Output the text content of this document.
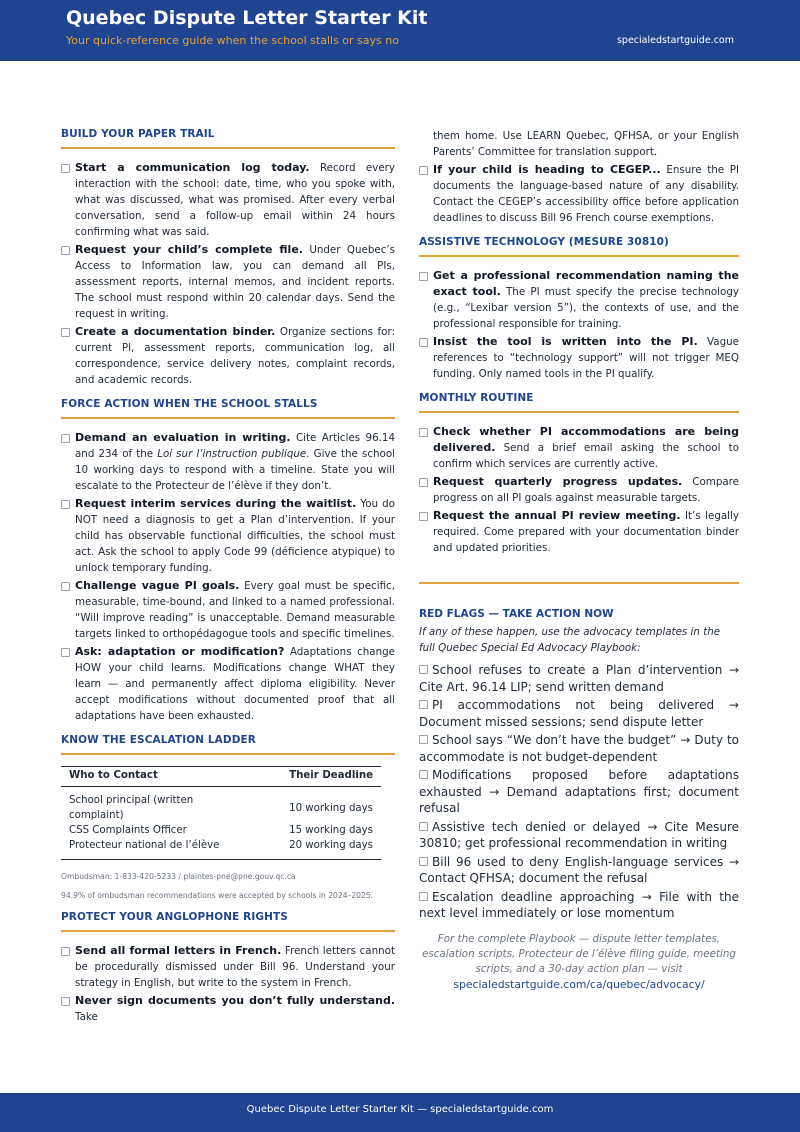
Quebec Dispute Letter Starter Kit
Your quick-reference guide when the school stalls or says no	specialedstartguide.com
BUILD YOUR PAPER TRAIL
Start a communication log today. Record every interaction with the school: date, time, who you spoke with, what was discussed, what was promised. After every verbal conversation, send a follow-up email within 24 hours confirming what was said.
Request your child’s complete file. Under Quebec’s Access to Information law, you can demand all PIs, assessment reports, internal memos, and incident reports. The school must respond within 20 calendar days. Send the request in writing.
Create a documentation binder. Organize sections for: current PI, assessment reports, communication log, all correspondence, service delivery notes, complaint records, and academic records.
FORCE ACTION WHEN THE SCHOOL STALLS
Demand an evaluation in writing. Cite Articles 96.14 and 234 of the Loi sur l’instruction publique. Give the school 10 working days to respond with a timeline. State you will escalate to the Protecteur de l’élève if they don’t.
Request interim services during the waitlist. You do NOT need a diagnosis to get a Plan d’intervention. If your child has observable functional difficulties, the school must act. Ask the school to apply Code 99 (déficience atypique) to unlock temporary funding.
Challenge vague PI goals. Every goal must be specific, measurable, time-bound, and linked to a named professional. “Will improve reading” is unacceptable. Demand measurable targets linked to orthopédagogue tools and specific timelines.
Ask: adaptation or modification? Adaptations change HOW your child learns. Modifications change WHAT they learn — and permanently affect diploma eligibility. Never accept modifications without documented proof that all adaptations have been exhausted.
KNOW THE ESCALATION LADDER
Who to Contact	Their Deadline
School principal (written complaint)	10 working days
CSS Complaints Officer	15 working days
Protecteur national de l’élève	20 working days
Ombudsman: 1-833-420-5233 / plaintes-pne@pne.gouv.qc.ca
94.9% of ombudsman recommendations were accepted by schools in 2024–2025.
PROTECT YOUR ANGLOPHONE RIGHTS
Send all formal letters in French. French letters cannot be procedurally dismissed under Bill 96. Understand your strategy in English, but write to the system in French.
Never sign documents you don’t fully understand. Take
them home. Use LEARN Quebec, QFHSA, or your English Parents’ Committee for translation support.
If your child is heading to CEGEP... Ensure the PI documents the language-based nature of any disability. Contact the CEGEP’s accessibility office before application deadlines to discuss Bill 96 French course exemptions.
ASSISTIVE TECHNOLOGY (MESURE 30810)
Get a professional recommendation naming the exact tool. The PI must specify the precise technology (e.g., “Lexibar version 5”), the contexts of use, and the professional responsible for training.
Insist the tool is written into the PI. Vague references to “technology support” will not trigger MEQ funding. Only named tools in the PI qualify.
MONTHLY ROUTINE
Check whether PI accommodations are being delivered. Send a brief email asking the school to confirm which services are currently active.
Request quarterly progress updates. Compare progress on all PI goals against measurable targets.
Request the annual PI review meeting. It’s legally required. Come prepared with your documentation binder and updated priorities.
RED FLAGS — TAKE ACTION NOW
If any of these happen, use the advocacy templates in the full Quebec Special Ed Advocacy Playbook:
School refuses to create a Plan d’intervention → Cite Art. 96.14 LIP; send written demand
PI accommodations not being delivered → Document missed sessions; send dispute letter
School says “We don’t have the budget” → Duty to accommodate is not budget-dependent
Modifications proposed before adaptations exhausted → Demand adaptations first; document refusal
Assistive tech denied or delayed → Cite Mesure 30810; get professional recommendation in writing
Bill 96 used to deny English-language services → Contact QFHSA; document the refusal
Escalation deadline approaching → File with the next level immediately or lose momentum
For the complete Playbook — dispute letter templates, escalation scripts, Protecteur de l’élève filing guide, meeting scripts, and a 30-day action plan — visit
specialedstartguide.com/ca/quebec/advocacy/
Quebec Dispute Letter Starter Kit — specialedstartguide.com
